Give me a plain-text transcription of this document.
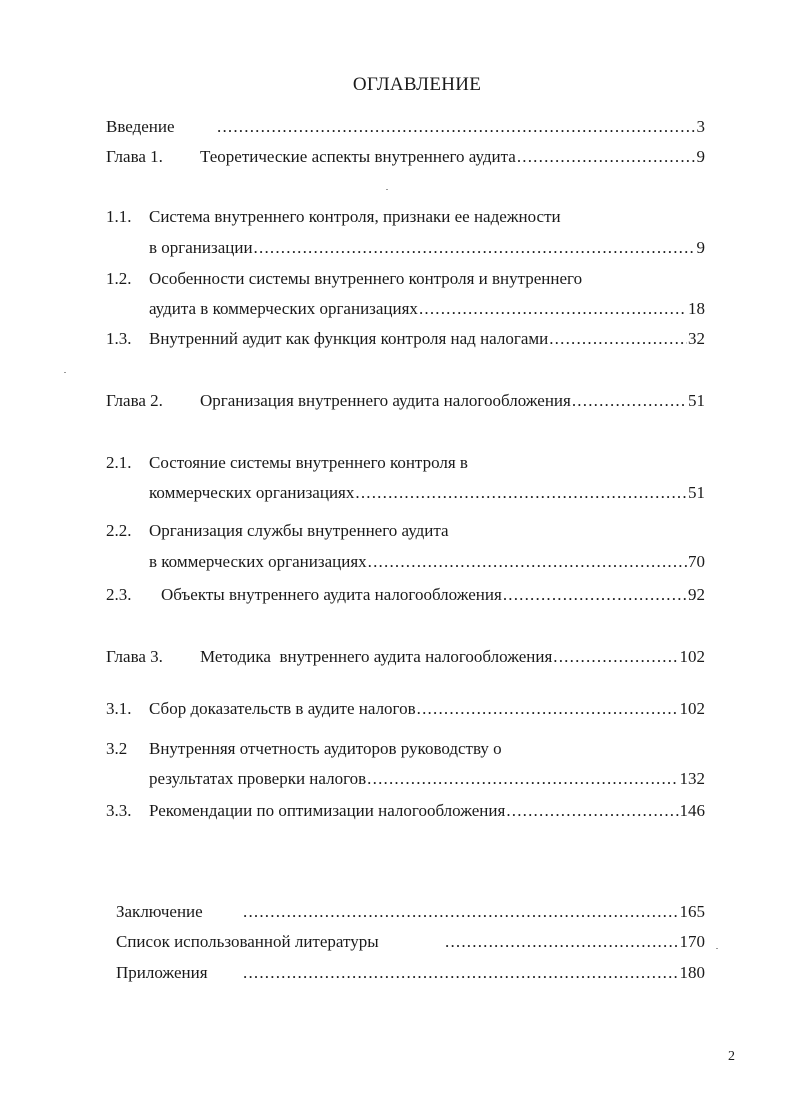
ОГЛАВЛЕНИЕ
Введение .....	3
Глава 1. Теоретические аспекты внутреннего аудита .....	9
1.1. Система внутреннего контроля, признаки ее надежности
в организации .....	9
1.2. Особенности системы внутреннего контроля и внутреннего
аудита в коммерческих организациях .....	18
1.3. Внутренний аудит как функция контроля над налогами .....	32
Глава 2. Организация внутреннего аудита налогообложения .....	51
2.1. Состояние системы внутреннего контроля в
коммерческих организациях .....	51
2.2. Организация службы внутреннего аудита
в коммерческих организациях .....	70
2.3. Объекты внутреннего аудита налогообложения .....	92
Глава 3. Методика  внутреннего аудита налогообложения .....	102
3.1. Сбор доказательств в аудите налогов .....	102
3.2 Внутренняя отчетность аудиторов руководству о
результатах проверки налогов .....	132
3.3. Рекомендации по оптимизации налогообложения .....	146
Заключение .....	165
Список использованной литературы .....	170
Приложения .....	180
2
